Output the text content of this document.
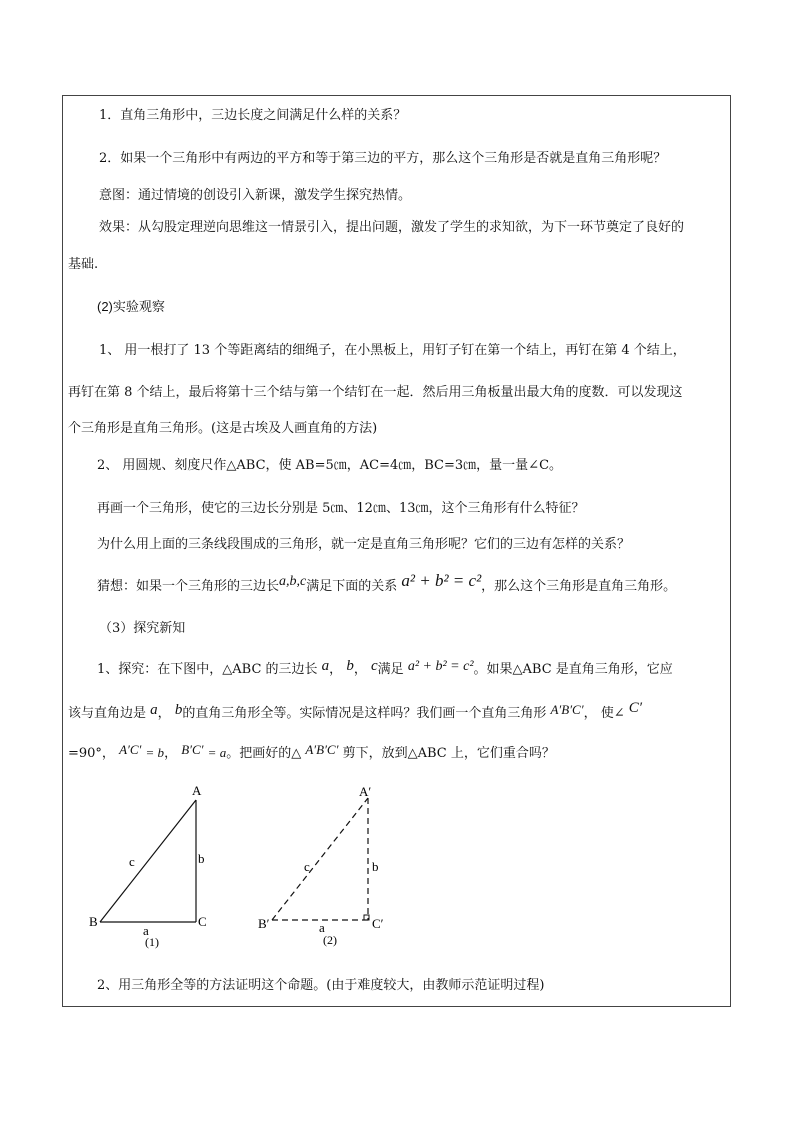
1．直角三角形中，三边长度之间满足什么样的关系？
2．如果一个三角形中有两边的平方和等于第三边的平方，那么这个三角形是否就是直角三角形呢？
意图：通过情境的创设引入新课，激发学生探究热情。
效果：从勾股定理逆向思维这一情景引入，提出问题，激发了学生的求知欲，为下一环节奠定了良好的
基础.
(2)实验观察
1、 用一根打了 13 个等距离结的细绳子，在小黑板上，用钉子钉在第一个结上，再钉在第 4 个结上，
再钉在第 8 个结上，最后将第十三个结与第一个结钉在一起．然后用三角板量出最大角的度数．可以发现这
个三角形是直角三角形。(这是古埃及人画直角的方法)
2、 用圆规、刻度尺作△ABC，使 AB=5㎝，AC=4㎝，BC=3㎝，量一量∠C。
再画一个三角形，使它的三边长分别是 5㎝、12㎝、13㎝，这个三角形有什么特征？
为什么用上面的三条线段围成的三角形，就一定是直角三角形呢？它们的三边有怎样的关系？
猜想：如果一个三角形的三边长a,b,c满足下面的关系 a² + b² = c²，那么这个三角形是直角三角形。
（3）探究新知
1、探究：在下图中，△ABC 的三边长 a， b， c满足 a² + b² = c²。如果△ABC 是直角三角形，它应
该与直角边是 a， b的直角三角形全等。实际情况是这样吗？我们画一个直角三角形 A′B′C′， 使∠ C′
=90°， A′C′ = b， B′C′ = a。把画好的△ A′B′C′ 剪下，放到△ABC 上，它们重合吗？
A
B	C
c	b
a
(1)
A′
B′	C′
c	b
a
(2)
2、用三角形全等的方法证明这个命题。(由于难度较大，由教师示范证明过程)
